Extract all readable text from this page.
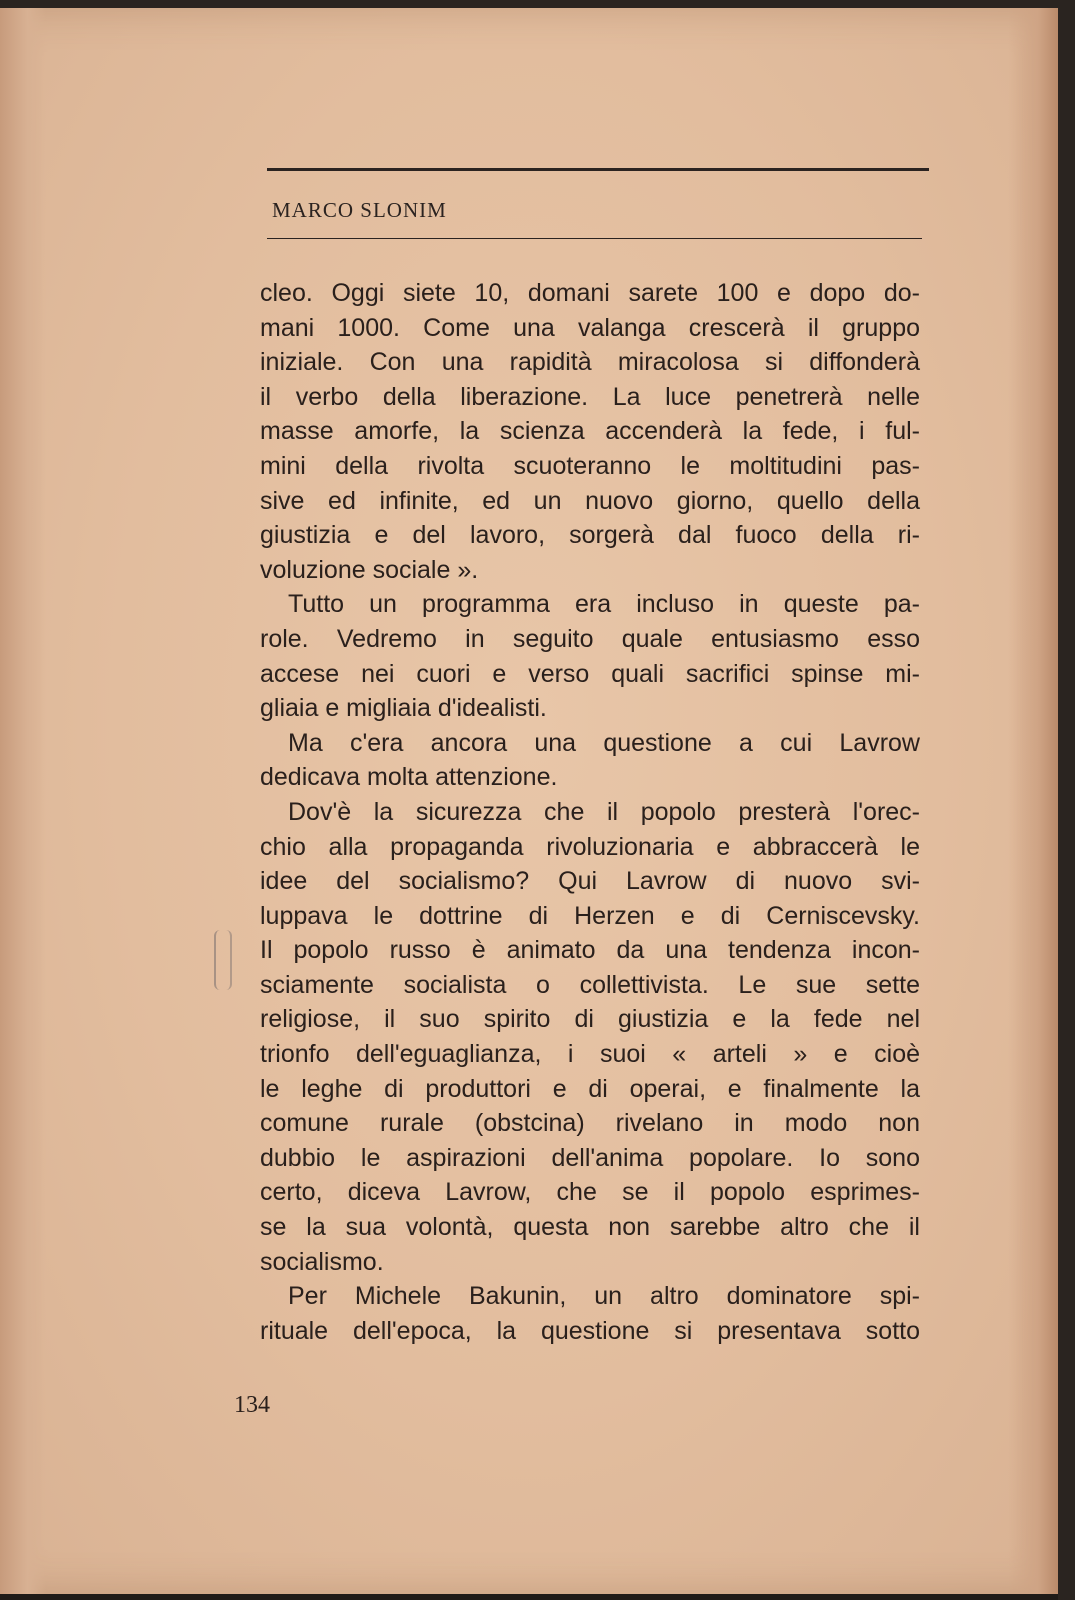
MARCO SLONIM
cleo. Oggi siete 10, domani sarete 100 e dopo do-
mani 1000. Come una valanga crescerà il gruppo
iniziale. Con una rapidità miracolosa si diffonderà
il verbo della liberazione. La luce penetrerà nelle
masse amorfe, la scienza accenderà la fede, i ful-
mini della rivolta scuoteranno le moltitudini pas-
sive ed infinite, ed un nuovo giorno, quello della
giustizia e del lavoro, sorgerà dal fuoco della ri-
voluzione sociale ».
Tutto un programma era incluso in queste pa-
role. Vedremo in seguito quale entusiasmo esso
accese nei cuori e verso quali sacrifici spinse mi-
gliaia e migliaia d'idealisti.
Ma c'era ancora una questione a cui Lavrow
dedicava molta attenzione.
Dov'è la sicurezza che il popolo presterà l'orec-
chio alla propaganda rivoluzionaria e abbraccerà le
idee del socialismo? Qui Lavrow di nuovo svi-
luppava le dottrine di Herzen e di Cerniscevsky.
Il popolo russo è animato da una tendenza incon-
sciamente socialista o collettivista. Le sue sette
religiose, il suo spirito di giustizia e la fede nel
trionfo dell'eguaglianza, i suoi « arteli » e cioè
le leghe di produttori e di operai, e finalmente la
comune rurale (obstcina) rivelano in modo non
dubbio le aspirazioni dell'anima popolare. Io sono
certo, diceva Lavrow, che se il popolo esprimes-
se la sua volontà, questa non sarebbe altro che il
socialismo.
Per Michele Bakunin, un altro dominatore spi-
rituale dell'epoca, la questione si presentava sotto
134
